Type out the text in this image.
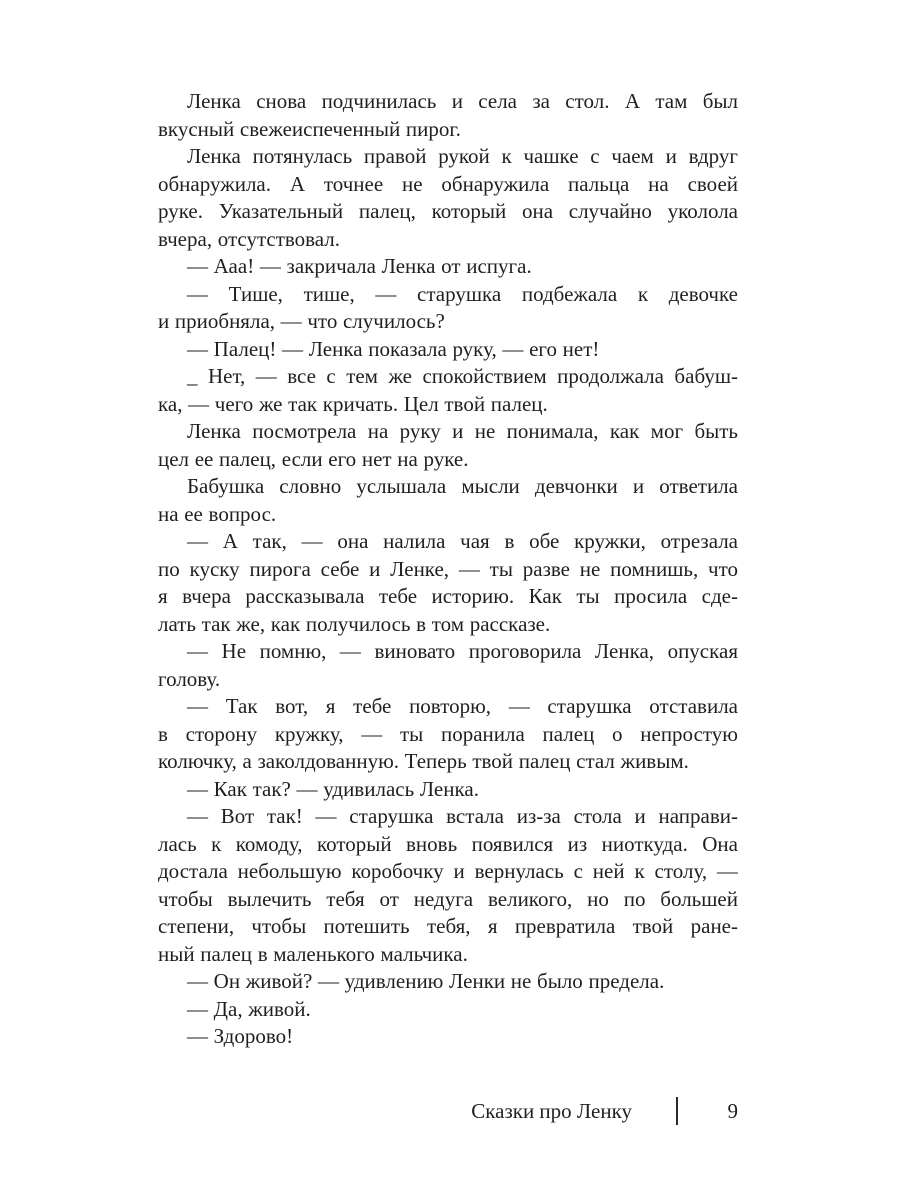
Ленка снова подчинилась и села за стол. А там был
вкусный свежеиспеченный пирог.
Ленка потянулась правой рукой к чашке с чаем и вдруг
обнаружила. А точнее не обнаружила пальца на своей
руке. Указательный палец, который она случайно уколола
вчера, отсутствовал.
— Ааа! — закричала Ленка от испуга.
— Тише, тише, — старушка подбежала к девочке
и приобняла, — что случилось?
— Палец! — Ленка показала руку, — его нет!
_ Нет, — все с тем же спокойствием продолжала бабуш-
ка, — чего же так кричать. Цел твой палец.
Ленка посмотрела на руку и не понимала, как мог быть
цел ее палец, если его нет на руке.
Бабушка словно услышала мысли девчонки и ответила
на ее вопрос.
— А так, — она налила чая в обе кружки, отрезала
по куску пирога себе и Ленке, — ты разве не помнишь, что
я вчера рассказывала тебе историю. Как ты просила сде-
лать так же, как получилось в том рассказе.
— Не помню, — виновато проговорила Ленка, опуская
голову.
— Так вот, я тебе повторю, — старушка отставила
в сторону кружку, — ты поранила палец о непростую
колючку, а заколдованную. Теперь твой палец стал живым.
— Как так? — удивилась Ленка.
— Вот так! — старушка встала из-за стола и направи-
лась к комоду, который вновь появился из ниоткуда. Она
достала небольшую коробочку и вернулась с ней к столу, —
чтобы вылечить тебя от недуга великого, но по большей
степени, чтобы потешить тебя, я превратила твой ране-
ный палец в маленького мальчика.
— Он живой? — удивлению Ленки не было предела.
— Да, живой.
— Здорово!
Сказки про Ленку	9
